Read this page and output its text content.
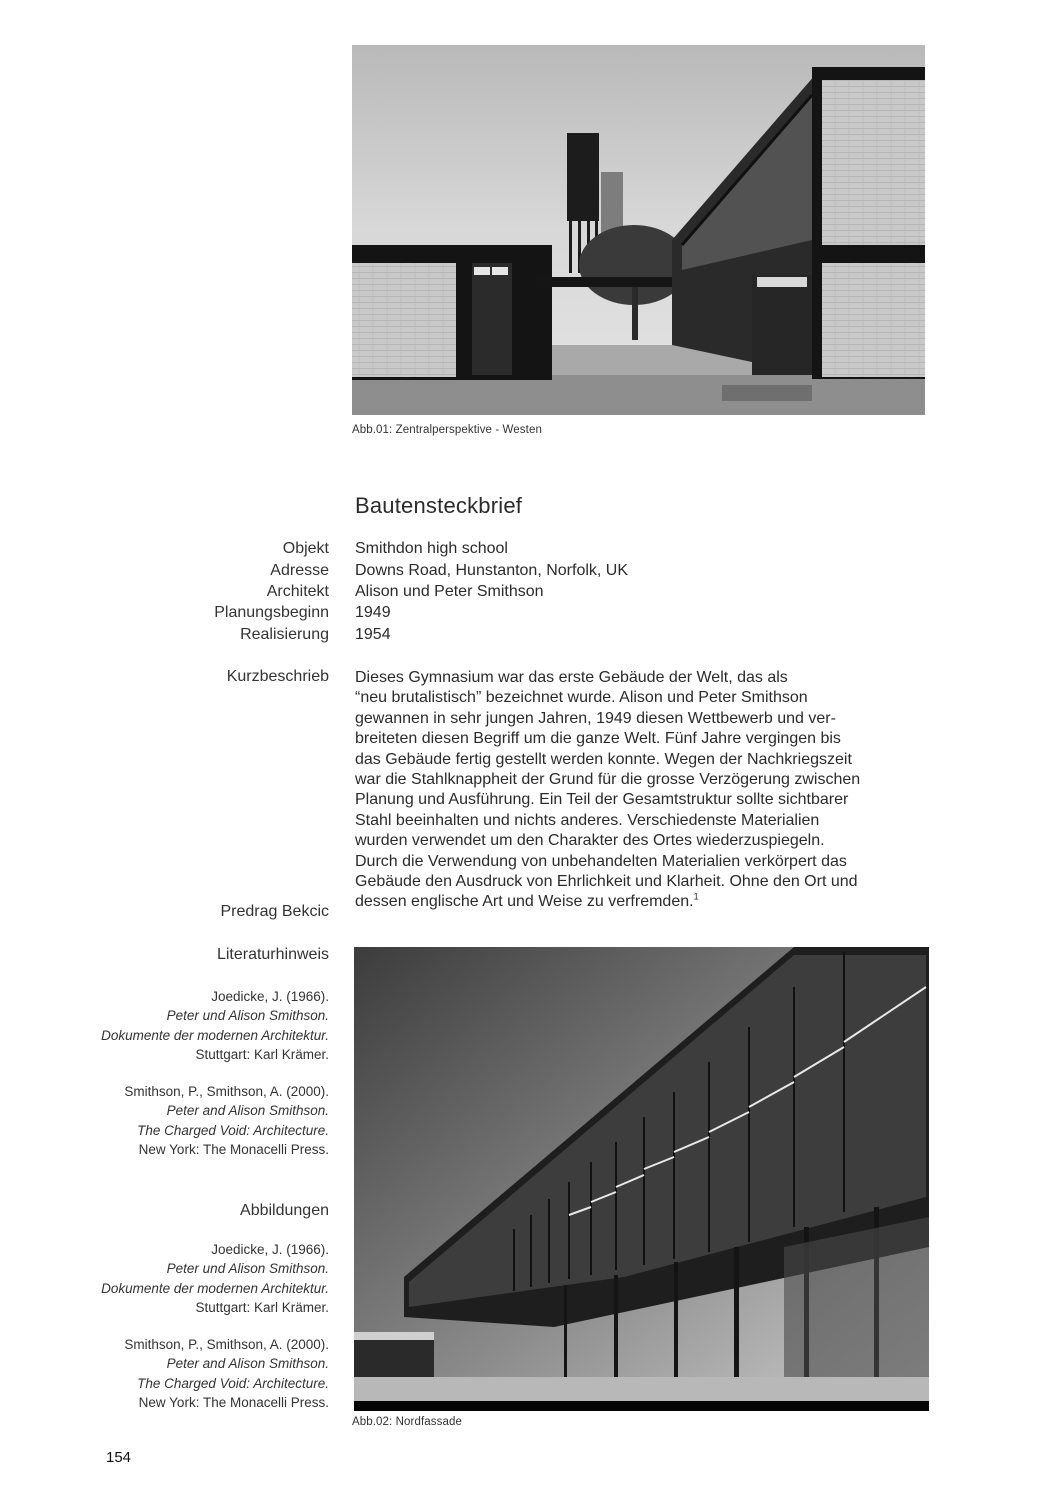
Abb.01: Zentralperspektive - Westen
Bautensteckbrief
Objekt Smithdon high school
Adresse Downs Road, Hunstanton, Norfolk, UK
Architekt Alison und Peter Smithson
Planungsbeginn 1949
Realisierung 1954
Kurzbeschrieb Dieses Gymnasium war das erste Gebäude der Welt, das als
“neu brutalistisch” bezeichnet wurde. Alison und Peter Smithson
gewannen in sehr jungen Jahren, 1949 diesen Wettbewerb und ver-
breiteten diesen Begriff um die ganze Welt. Fünf Jahre vergingen bis
das Gebäude fertig gestellt werden konnte. Wegen der Nachkriegszeit
war die Stahlknappheit der Grund für die grosse Verzögerung zwischen
Planung und Ausführung. Ein Teil der Gesamtstruktur sollte sichtbarer
Stahl beeinhalten und nichts anderes. Verschiedenste Materialien
wurden verwendet um den Charakter des Ortes wiederzuspiegeln.
Durch die Verwendung von unbehandelten Materialien verkörpert das
Gebäude den Ausdruck von Ehrlichkeit und Klarheit. Ohne den Ort und
dessen englische Art und Weise zu verfremden.$^1$
Predrag Bekcic
Literaturhinweis
Joedicke, J. (1966).
Peter und Alison Smithson.
Dokumente der modernen Architektur.
Stuttgart: Karl Krämer.
Smithson, P., Smithson, A. (2000).
Peter and Alison Smithson.
The Charged Void: Architecture.
New York: The Monacelli Press.
Abbildungen
Joedicke, J. (1966).
Peter und Alison Smithson.
Dokumente der modernen Architektur.
Stuttgart: Karl Krämer.
Smithson, P., Smithson, A. (2000).
Peter and Alison Smithson.
The Charged Void: Architecture.
New York: The Monacelli Press.
Abb.02: Nordfassade
154
